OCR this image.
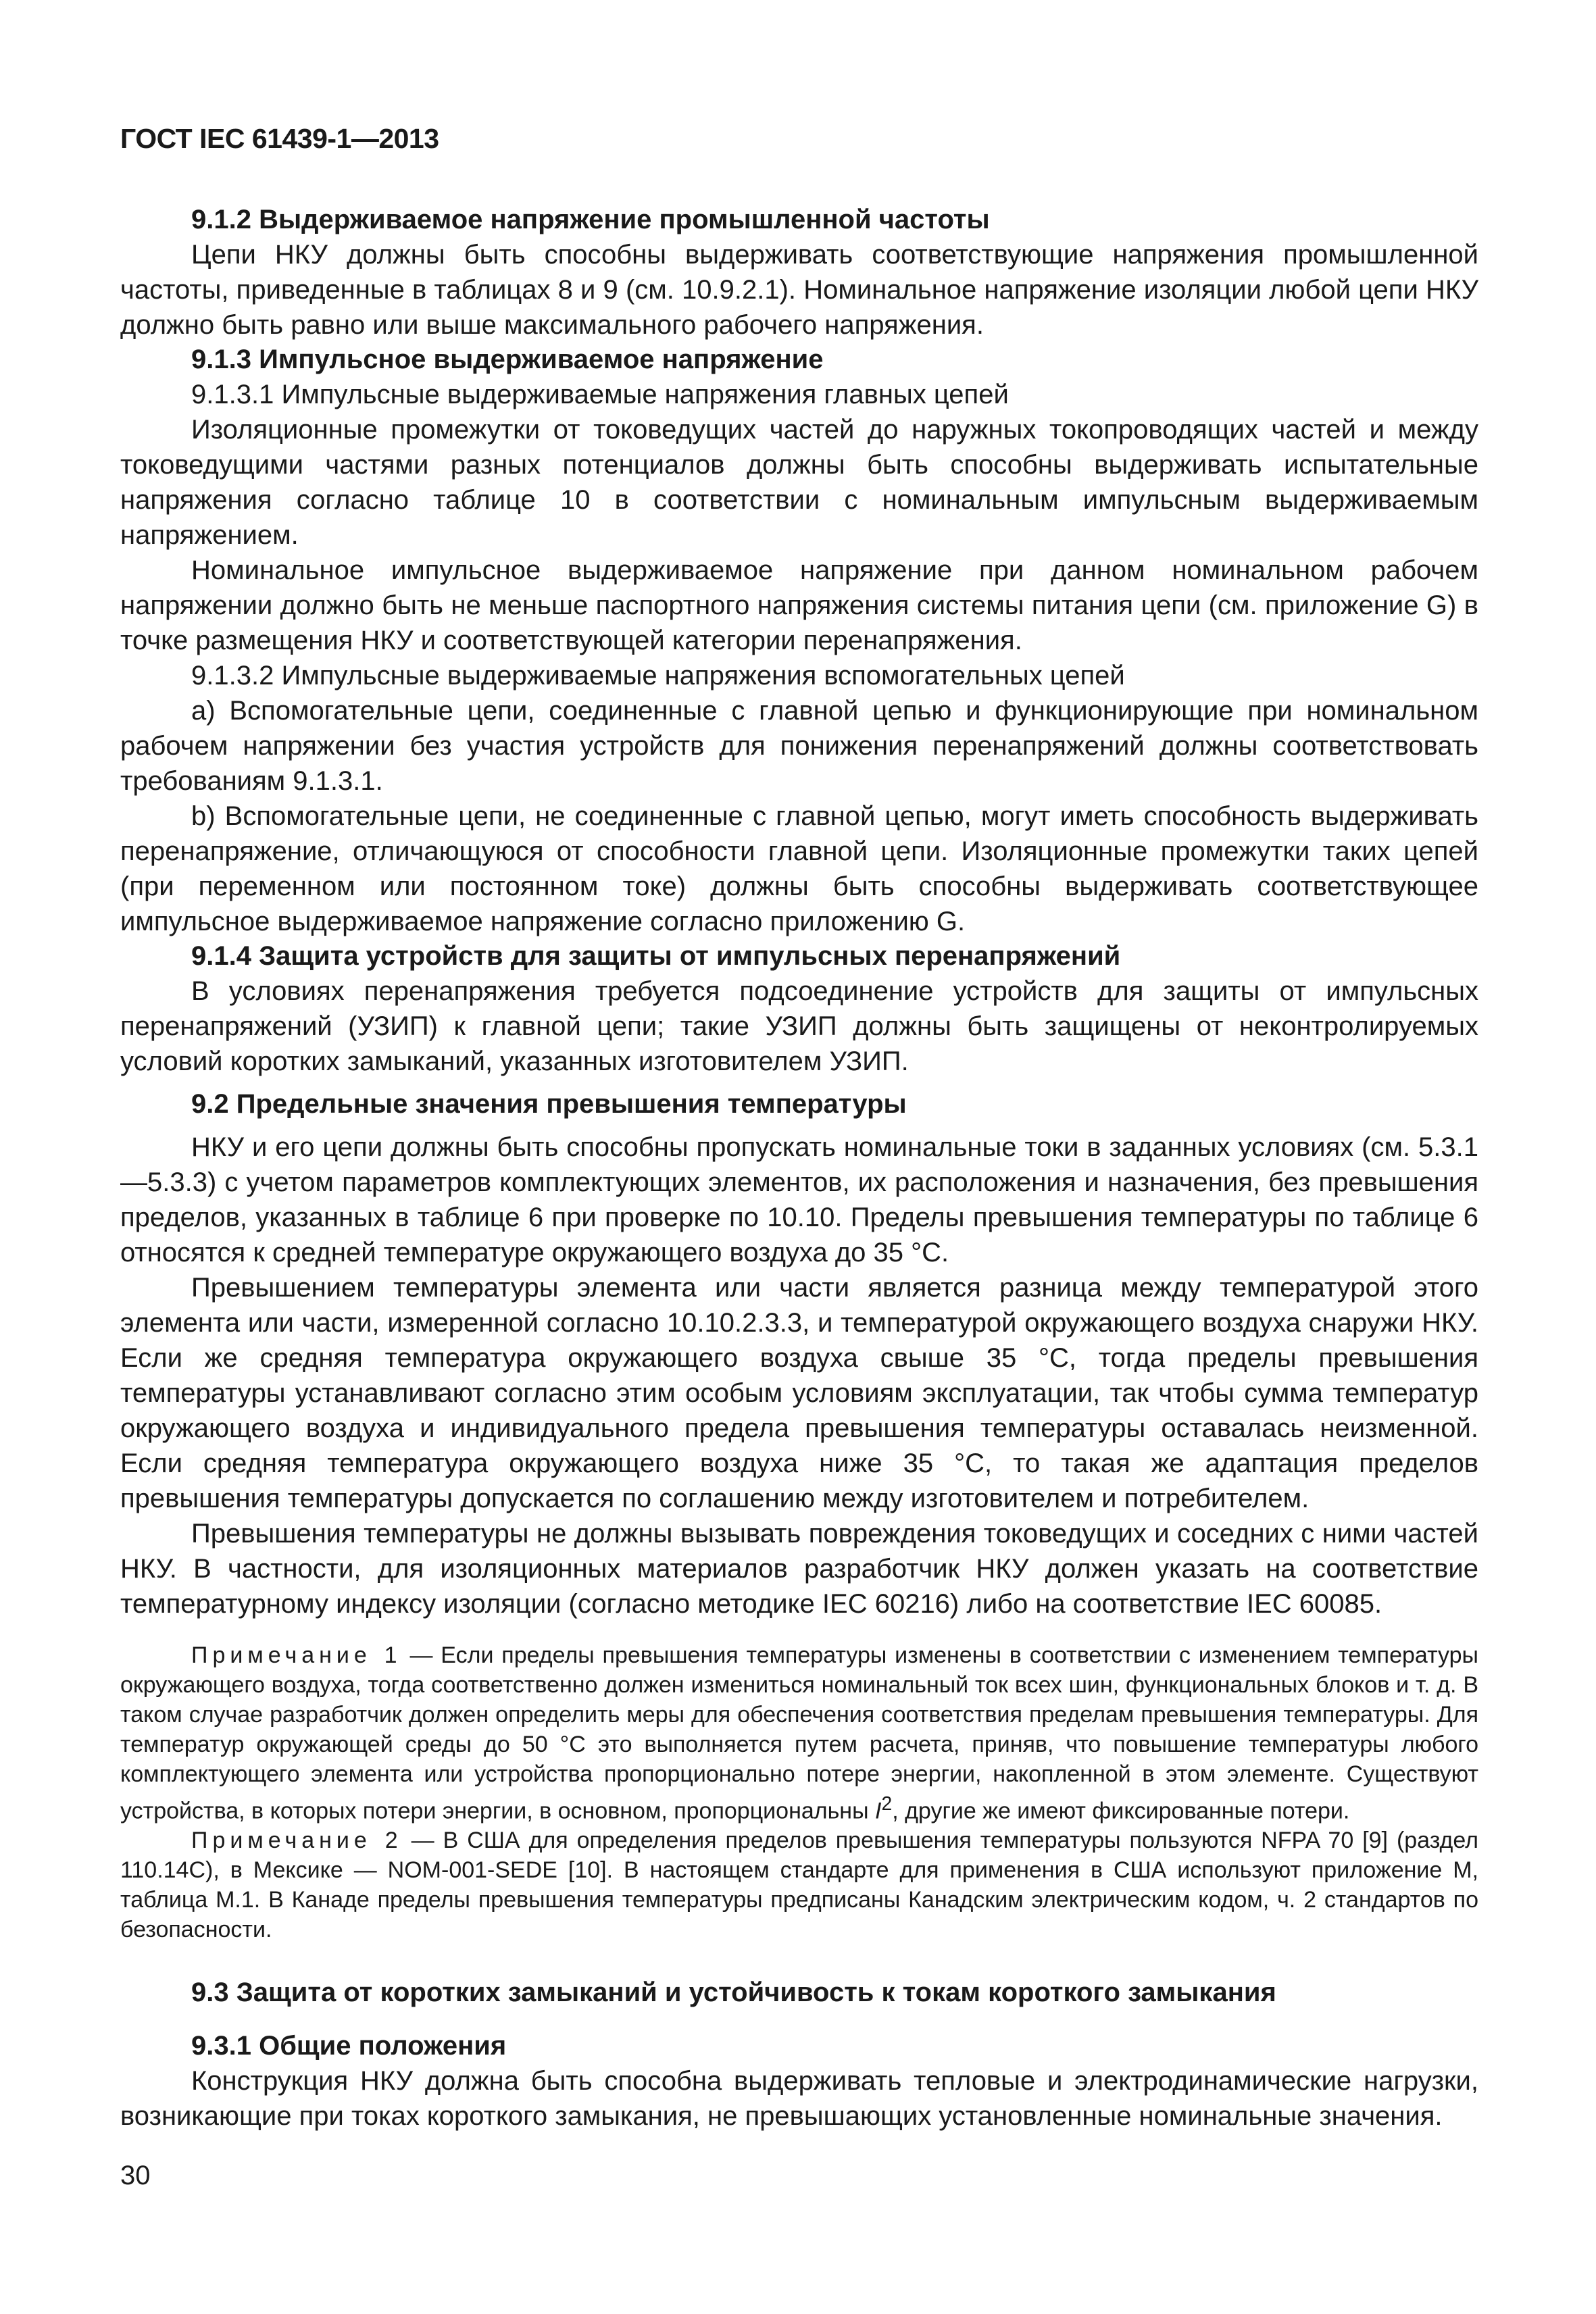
ГОСТ IEC 61439-1—2013

9.1.2 Выдерживаемое напряжение промышленной частоты

Цепи НКУ должны быть способны выдерживать соответствующие напряжения промышленной частоты, приведенные в таблицах 8 и 9 (см. 10.9.2.1). Номинальное напряжение изоляции любой цепи НКУ должно быть равно или выше максимального рабочего напряжения.

9.1.3 Импульсное выдерживаемое напряжение

9.1.3.1 Импульсные выдерживаемые напряжения главных цепей

Изоляционные промежутки от токоведущих частей до наружных токопроводящих частей и между токоведущими частями разных потенциалов должны быть способны выдерживать испытательные напряжения согласно таблице 10 в соответствии с номинальным импульсным выдерживаемым напряжением.

Номинальное импульсное выдерживаемое напряжение при данном номинальном рабочем напряжении должно быть не меньше паспортного напряжения системы питания цепи (см. приложение G) в точке размещения НКУ и соответствующей категории перенапряжения.

9.1.3.2 Импульсные выдерживаемые напряжения вспомогательных цепей

а) Вспомогательные цепи, соединенные с главной цепью и функционирующие при номинальном рабочем напряжении без участия устройств для понижения перенапряжений должны соответствовать требованиям 9.1.3.1.

b) Вспомогательные цепи, не соединенные с главной цепью, могут иметь способность выдерживать перенапряжение, отличающуюся от способности главной цепи. Изоляционные промежутки таких цепей (при переменном или постоянном токе) должны быть способны выдерживать соответствующее импульсное выдерживаемое напряжение согласно приложению G.

9.1.4 Защита устройств для защиты от импульсных перенапряжений

В условиях перенапряжения требуется подсоединение устройств для защиты от импульсных перенапряжений (УЗИП) к главной цепи; такие УЗИП должны быть защищены от неконтролируемых условий коротких замыканий, указанных изготовителем УЗИП.

9.2 Предельные значения превышения температуры

НКУ и его цепи должны быть способны пропускать номинальные токи в заданных условиях (см. 5.3.1—5.3.3) с учетом параметров комплектующих элементов, их расположения и назначения, без превышения пределов, указанных в таблице 6 при проверке по 10.10. Пределы превышения температуры по таблице 6 относятся к средней температуре окружающего воздуха до 35 °С.

Превышением температуры элемента или части является разница между температурой этого элемента или части, измеренной согласно 10.10.2.3.3, и температурой окружающего воздуха снаружи НКУ. Если же средняя температура окружающего воздуха свыше 35 °С, тогда пределы превышения температуры устанавливают согласно этим особым условиям эксплуатации, так чтобы сумма температур окружающего воздуха и индивидуального предела превышения температуры оставалась неизменной. Если средняя температура окружающего воздуха ниже 35 °С, то такая же адаптация пределов превышения температуры допускается по соглашению между изготовителем и потребителем.

Превышения температуры не должны вызывать повреждения токоведущих и соседних с ними частей НКУ. В частности, для изоляционных материалов разработчик НКУ должен указать на соответствие температурному индексу изоляции (согласно методике IEC 60216) либо на соответствие IEC 60085.

Примечание 1 — Если пределы превышения температуры изменены в соответствии с изменением температуры окружающего воздуха, тогда соответственно должен измениться номинальный ток всех шин, функциональных блоков и т. д. В таком случае разработчик должен определить меры для обеспечения соответствия пределам превышения температуры. Для температур окружающей среды до 50 °С это выполняется путем расчета, приняв, что повышение температуры любого комплектующего элемента или устройства пропорционально потере энергии, накопленной в этом элементе. Существуют устройства, в которых потери энергии, в основном, пропорциональны $I^2$, другие же имеют фиксированные потери.

Примечание 2 — В США для определения пределов превышения температуры пользуются NFPA 70 [9] (раздел 110.14С), в Мексике — NOM-001-SEDE [10]. В настоящем стандарте для применения в США используют приложение М, таблица М.1. В Канаде пределы превышения температуры предписаны Канадским электрическим кодом, ч. 2 стандартов по безопасности.

9.3 Защита от коротких замыканий и устойчивость к токам короткого замыкания

9.3.1 Общие положения

Конструкция НКУ должна быть способна выдерживать тепловые и электродинамические нагрузки, возникающие при токах короткого замыкания, не превышающих установленные номинальные значения.

30
